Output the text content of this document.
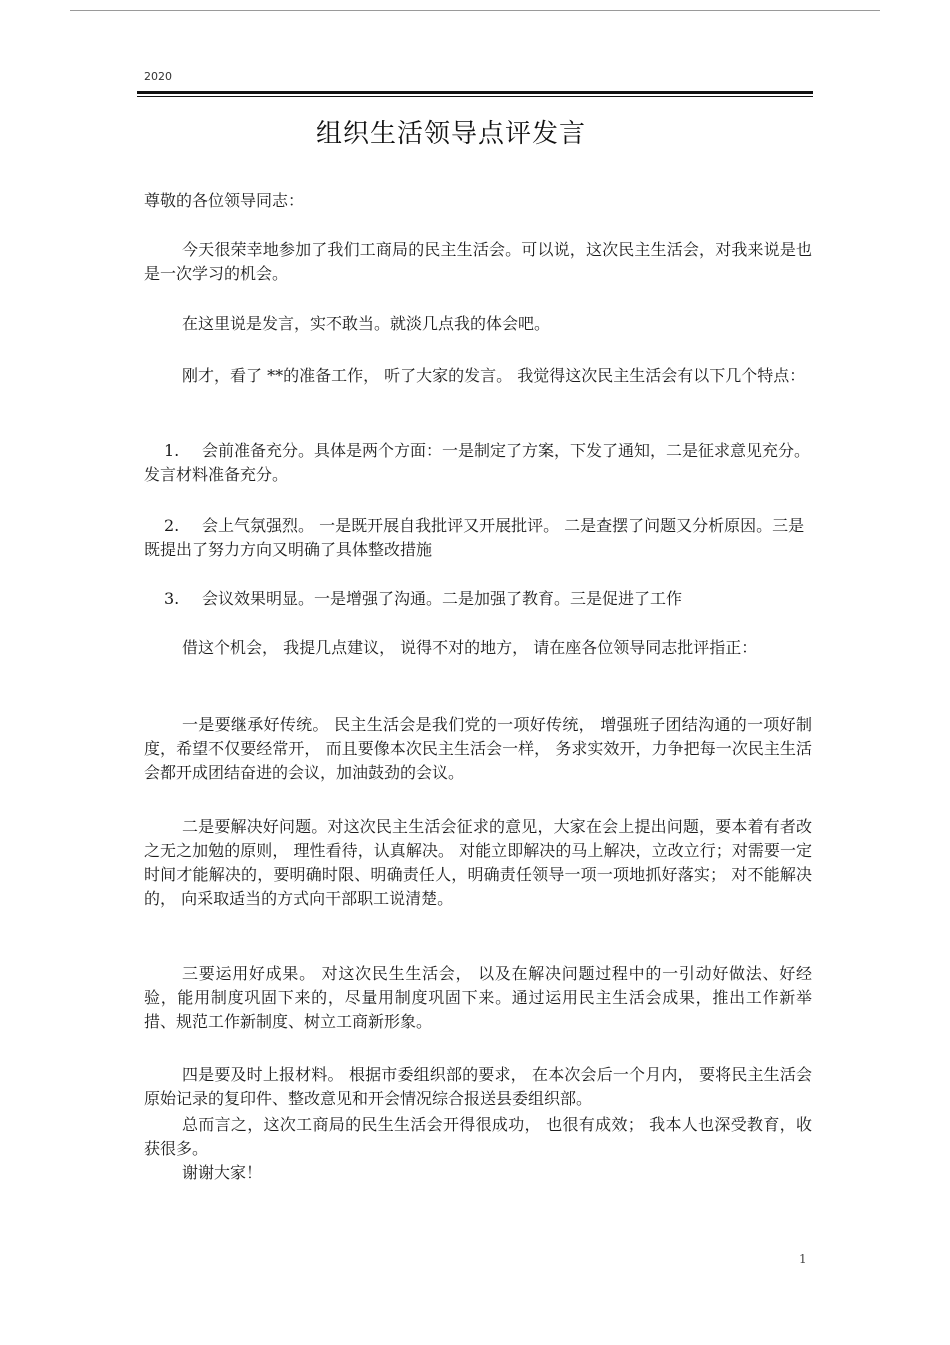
2020
组织生活领导点评发言

尊敬的各位领导同志：

今天很荣幸地参加了我们工商局的民主生活会。可以说，这次民主生活会，对我来说是也是一次学习的机会。

在这里说是发言，实不敢当。就淡几点我的体会吧。

刚才，看了 **的准备工作， 听了大家的发言。 我觉得这次民主生活会有以下几个特点：

1. 会前准备充分。具体是两个方面：一是制定了方案，下发了通知，二是征求意见充分。发言材料准备充分。

2. 会上气氛强烈。 一是既开展自我批评又开展批评。 二是查摆了问题又分析原因。三是既提出了努力方向又明确了具体整改措施

3. 会议效果明显。一是增强了沟通。二是加强了教育。三是促进了工作

借这个机会， 我提几点建议， 说得不对的地方， 请在座各位领导同志批评指正：

一是要继承好传统。 民主生活会是我们党的一项好传统， 增强班子团结沟通的一项好制度，希望不仅要经常开， 而且要像本次民主生活会一样， 务求实效开，力争把每一次民主生活会都开成团结奋进的会议，加油鼓劲的会议。

二是要解决好问题。对这次民主生活会征求的意见，大家在会上提出问题，要本着有者改之无之加勉的原则， 理性看待，认真解决。 对能立即解决的马上解决，立改立行；对需要一定时间才能解决的，要明确时限、明确责任人，明确责任领导一项一项地抓好落实； 对不能解决的， 向采取适当的方式向干部职工说清楚。

三要运用好成果。 对这次民生生活会， 以及在解决问题过程中的一引动好做法、好经验，能用制度巩固下来的，尽量用制度巩固下来。通过运用民主生活会成果，推出工作新举措、规范工作新制度、树立工商新形象。

四是要及时上报材料。 根据市委组织部的要求， 在本次会后一个月内， 要将民主生活会原始记录的复印件、整改意见和开会情况综合报送县委组织部。

总而言之，这次工商局的民生生活会开得很成功， 也很有成效； 我本人也深受教育，收获很多。

谢谢大家！

1
